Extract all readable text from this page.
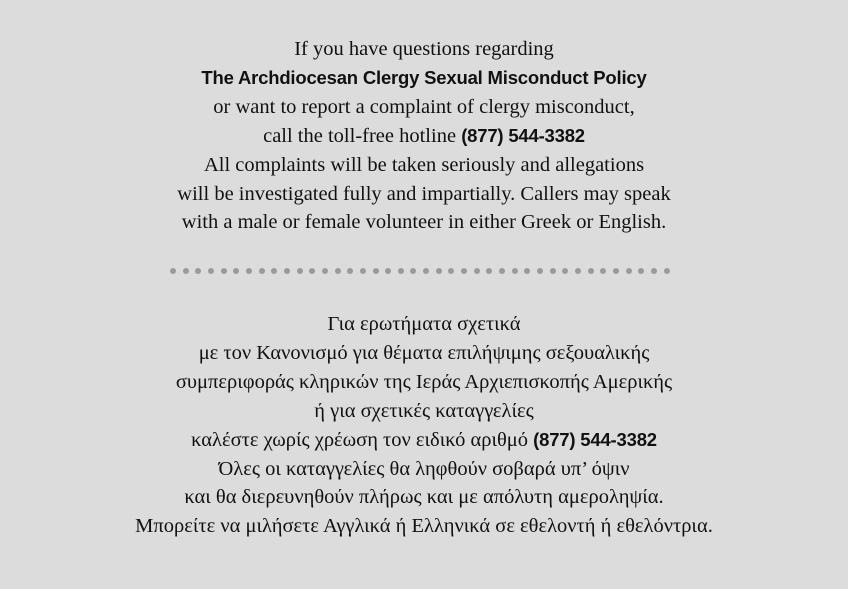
If you have questions regarding
The Archdiocesan Clergy Sexual Misconduct Policy
or want to report a complaint of clergy misconduct,
call the toll-free hotline (877) 544-3382
All complaints will be taken seriously and allegations
will be investigated fully and impartially. Callers may speak
with a male or female volunteer in either Greek or English.
Για ερωτήματα σχετικά
με τον Κανονισμό για θέματα επιλήψιμης σεξουαλικής
συμπεριφοράς κληρικών της Ιεράς Αρχιεπισκοπής Αμερικής
ή για σχετικές καταγγελίες
καλέστε χωρίς χρέωση τον ειδικό αριθμό (877) 544-3382
Όλες οι καταγγελίες θα ληφθούν σοβαρά υπ’ όψιν
και θα διερευνηθούν πλήρως και με απόλυτη αμεροληψία.
Μπορείτε να μιλήσετε Αγγλικά ή Ελληνικά σε εθελοντή ή εθελόντρια.
